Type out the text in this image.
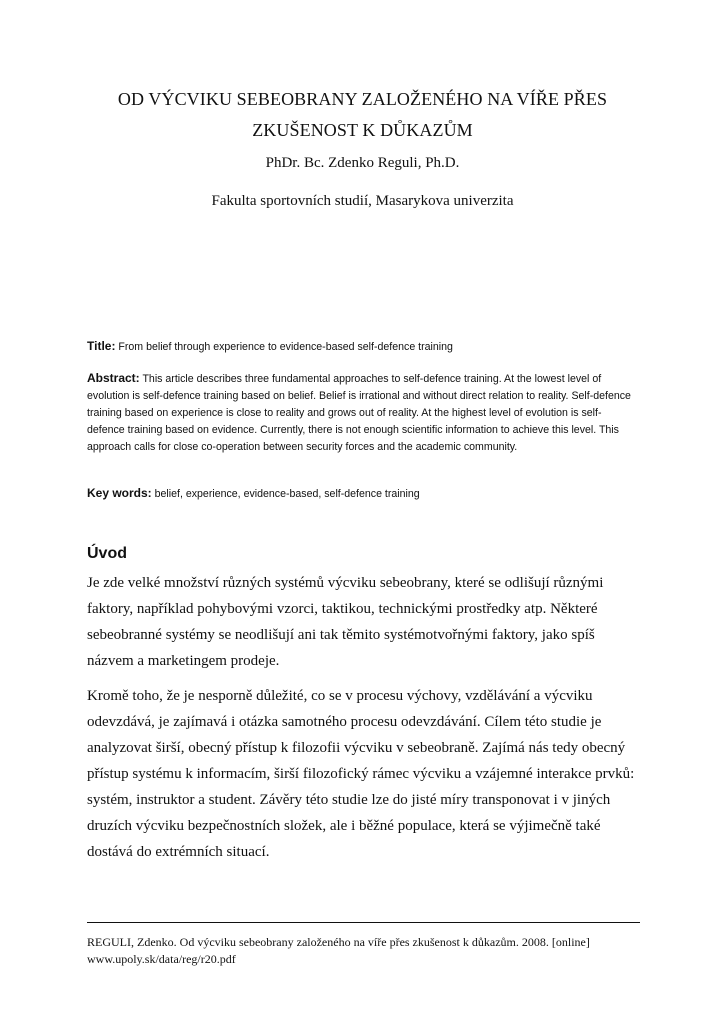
OD VÝCVIKU SEBEOBRANY ZALOŽENÉHO NA VÍŘE PŘES
ZKUŠENOST K DŮKAZŮM
PhDr. Bc. Zdenko Reguli, Ph.D.
Fakulta sportovních studií, Masarykova univerzita
Title: From belief through experience to evidence-based self-defence training
Abstract: This article describes three fundamental approaches to self-defence training. At the lowest level of evolution is self-defence training based on belief. Belief is irrational and without direct relation to reality. Self-defence training based on experience is close to reality and grows out of reality. At the highest level of evolution is self-defence training based on evidence. Currently, there is not enough scientific information to achieve this level. This approach calls for close co-operation between security forces and the academic community.
Key words: belief, experience, evidence-based, self-defence training
Úvod
Je zde velké množství různých systémů výcviku sebeobrany, které se odlišují různými faktory, například pohybovými vzorci, taktikou, technickými prostředky atp. Některé sebeobranné systémy se neodlišují ani tak těmito systémotvořnými faktory, jako spíš názvem a marketingem prodeje.
Kromě toho, že je nesporně důležité, co se v procesu výchovy, vzdělávání a výcviku odevzdává, je zajímavá i otázka samotného procesu odevzdávání. Cílem této studie je analyzovat širší, obecný přístup k filozofii výcviku v sebeobraně. Zajímá nás tedy obecný přístup systému k informacím, širší filozofický rámec výcviku a vzájemné interakce prvků: systém, instruktor a student. Závěry této studie lze do jisté míry transponovat i v jiných druzích výcviku bezpečnostních složek, ale i běžné populace, která se výjimečně také dostává do extrémních situací.
REGULI, Zdenko. Od výcviku sebeobrany založeného na víře přes zkušenost k důkazům. 2008. [online] www.upoly.sk/data/reg/r20.pdf
